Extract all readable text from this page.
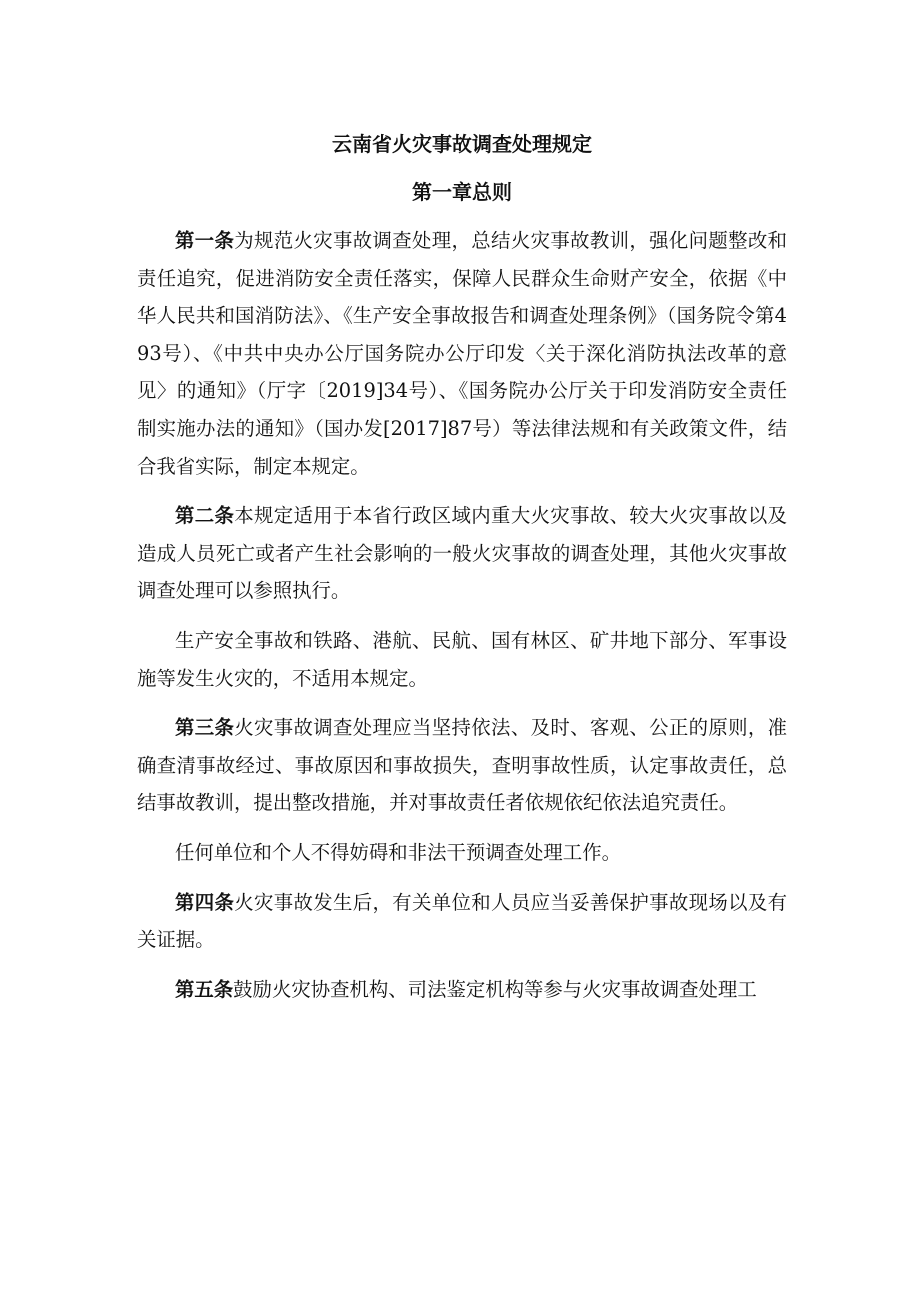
云南省火灾事故调查处理规定
第一章总则

第一条为规范火灾事故调查处理，总结火灾事故教训，强化问题整改和责任追究，促进消防安全责任落实，保障人民群众生命财产安全，依据《中华人民共和国消防法》、《生产安全事故报告和调查处理条例》（国务院令第493号）、《中共中央办公厅国务院办公厅印发〈关于深化消防执法改革的意见〉的通知》（厅字〔2019]34号）、《国务院办公厅关于印发消防安全责任制实施办法的通知》（国办发[2017]87号）等法律法规和有关政策文件，结合我省实际，制定本规定。

第二条本规定适用于本省行政区域内重大火灾事故、较大火灾事故以及造成人员死亡或者产生社会影响的一般火灾事故的调查处理，其他火灾事故调查处理可以参照执行。

生产安全事故和铁路、港航、民航、国有林区、矿井地下部分、军事设施等发生火灾的，不适用本规定。

第三条火灾事故调查处理应当坚持依法、及时、客观、公正的原则，准确查清事故经过、事故原因和事故损失，查明事故性质，认定事故责任，总结事故教训，提出整改措施，并对事故责任者依规依纪依法追究责任。

任何单位和个人不得妨碍和非法干预调查处理工作。

第四条火灾事故发生后，有关单位和人员应当妥善保护事故现场以及有关证据。

第五条鼓励火灾协查机构、司法鉴定机构等参与火灾事故调查处理工
